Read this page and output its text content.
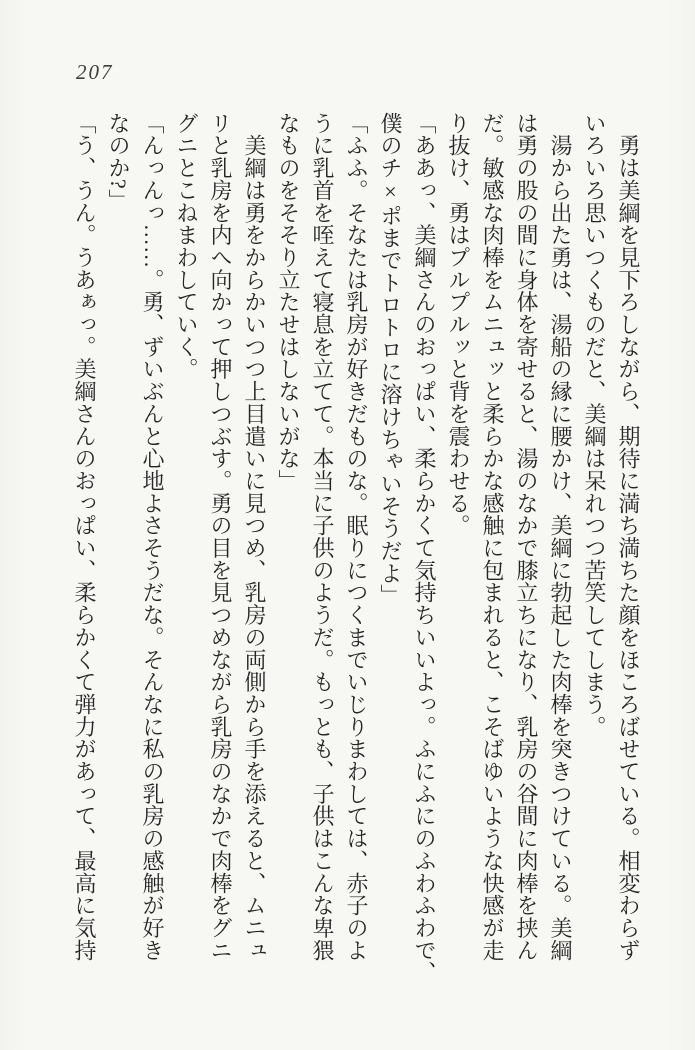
207

　勇は美綱を見下ろしながら、期待に満ち満ちた顔をほころばせている。相変わらず

いろいろ思いつくものだと、美綱は呆れつつ苦笑してしまう。

　湯から出た勇は、湯船の縁に腰かけ、美綱に勃起した肉棒を突きつけている。美綱

は勇の股の間に身体を寄せると、湯のなかで膝立ちになり、乳房の谷間に肉棒を挟ん

だ。敏感な肉棒をムニュッと柔らかな感触に包まれると、こそばゆいような快感が走

り抜け、勇はプルプルッと背を震わせる。

「ああっ、美綱さんのおっぱい、柔らかくて気持ちいいよっ。ふにふにのふわふわで、

僕のチ×ポまでトロトロに溶けちゃいそうだよ」

「ふふ。そなたは乳房が好きだものな。眠りにつくまでいじりまわしては、赤子のよ

うに乳首を咥えて寝息を立てて。本当に子供のようだ。もっとも、子供はこんな卑猥

なものをそそり立たせはしないがな」

　美綱は勇をからかいつつ上目遣いに見つめ、乳房の両側から手を添えると、ムニュ

リと乳房を内へ向かって押しつぶす。勇の目を見つめながら乳房のなかで肉棒をグニ

グニとこねまわしていく。

「んっんっ……。勇、ずいぶんと心地よさそうだな。そんなに私の乳房の感触が好き

なのか?」

「う、うん。うあぁっ。美綱さんのおっぱい、柔らかくて弾力があって、最高に気持
